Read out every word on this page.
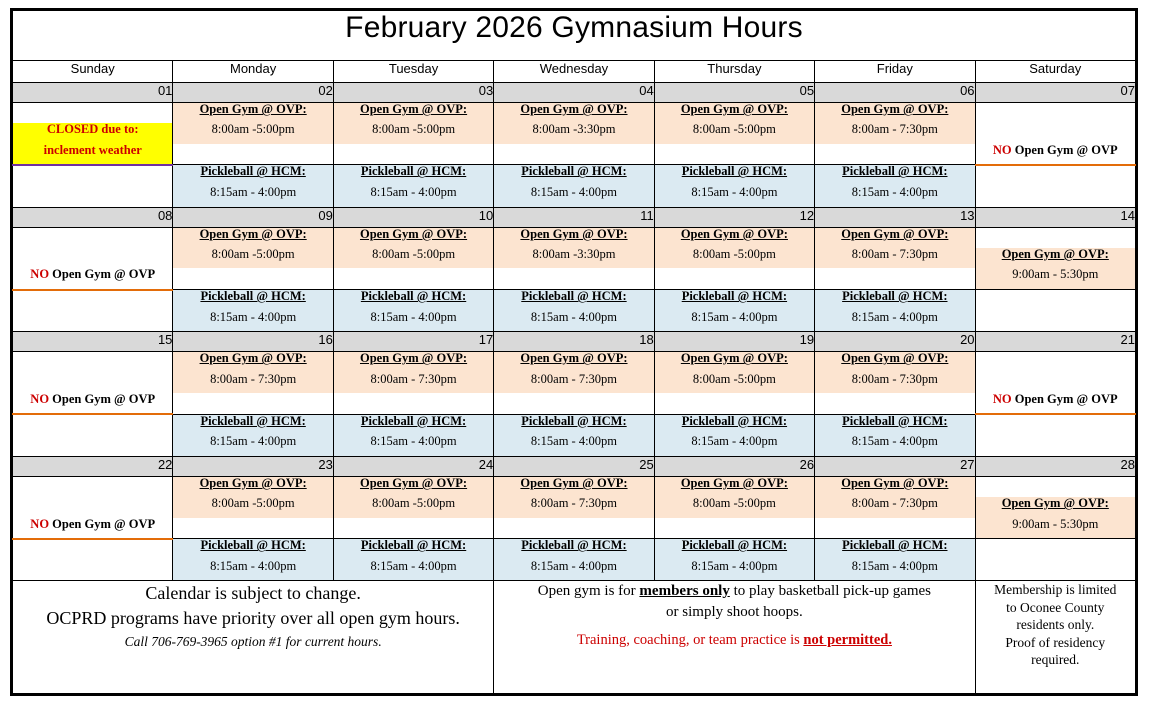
February 2026 Gymnasium Hours						
Sunday	Monday	Tuesday	Wednesday	Thursday	Friday	Saturday
01	02	03	04	05	06	07
	Open Gym @ OVP:	Open Gym @ OVP:	Open Gym @ OVP:	Open Gym @ OVP:	Open Gym @ OVP:	
CLOSED due to:	8:00am -5:00pm	8:00am -5:00pm	8:00am -3:30pm	8:00am -5:00pm	8:00am - 7:30pm	
inclement weather						NO Open Gym @ OVP
	Pickleball @ HCM:	Pickleball @ HCM:	Pickleball @ HCM:	Pickleball @ HCM:	Pickleball @ HCM:	
	8:15am - 4:00pm	8:15am - 4:00pm	8:15am - 4:00pm	8:15am - 4:00pm	8:15am - 4:00pm	
08	09	10	11	12	13	14
	Open Gym @ OVP:	Open Gym @ OVP:	Open Gym @ OVP:	Open Gym @ OVP:	Open Gym @ OVP:	
	8:00am -5:00pm	8:00am -5:00pm	8:00am -3:30pm	8:00am -5:00pm	8:00am - 7:30pm	Open Gym @ OVP:
NO Open Gym @ OVP						9:00am - 5:30pm
	Pickleball @ HCM:	Pickleball @ HCM:	Pickleball @ HCM:	Pickleball @ HCM:	Pickleball @ HCM:	
	8:15am - 4:00pm	8:15am - 4:00pm	8:15am - 4:00pm	8:15am - 4:00pm	8:15am - 4:00pm	
15	16	17	18	19	20	21
	Open Gym @ OVP:	Open Gym @ OVP:	Open Gym @ OVP:	Open Gym @ OVP:	Open Gym @ OVP:	
	8:00am - 7:30pm	8:00am - 7:30pm	8:00am - 7:30pm	8:00am -5:00pm	8:00am - 7:30pm	
NO Open Gym @ OVP						NO Open Gym @ OVP
	Pickleball @ HCM:	Pickleball @ HCM:	Pickleball @ HCM:	Pickleball @ HCM:	Pickleball @ HCM:	
	8:15am - 4:00pm	8:15am - 4:00pm	8:15am - 4:00pm	8:15am - 4:00pm	8:15am - 4:00pm	
22	23	24	25	26	27	28
	Open Gym @ OVP:	Open Gym @ OVP:	Open Gym @ OVP:	Open Gym @ OVP:	Open Gym @ OVP:	
	8:00am -5:00pm	8:00am -5:00pm	8:00am - 7:30pm	8:00am -5:00pm	8:00am - 7:30pm	Open Gym @ OVP:
NO Open Gym @ OVP						9:00am - 5:30pm
	Pickleball @ HCM:	Pickleball @ HCM:	Pickleball @ HCM:	Pickleball @ HCM:	Pickleball @ HCM:	
	8:15am - 4:00pm	8:15am - 4:00pm	8:15am - 4:00pm	8:15am - 4:00pm	8:15am - 4:00pm	

Calendar is subject to change.
OCPRD programs have priority over all open gym hours.
Call 706-769-3965 option #1 for current hours.

Open gym is for members only to play basketball pick-up games
or simply shoot hoops.
Training, coaching, or team practice is not permitted.

Membership is limited
to Oconee County
residents only.
Proof of residency
required.
